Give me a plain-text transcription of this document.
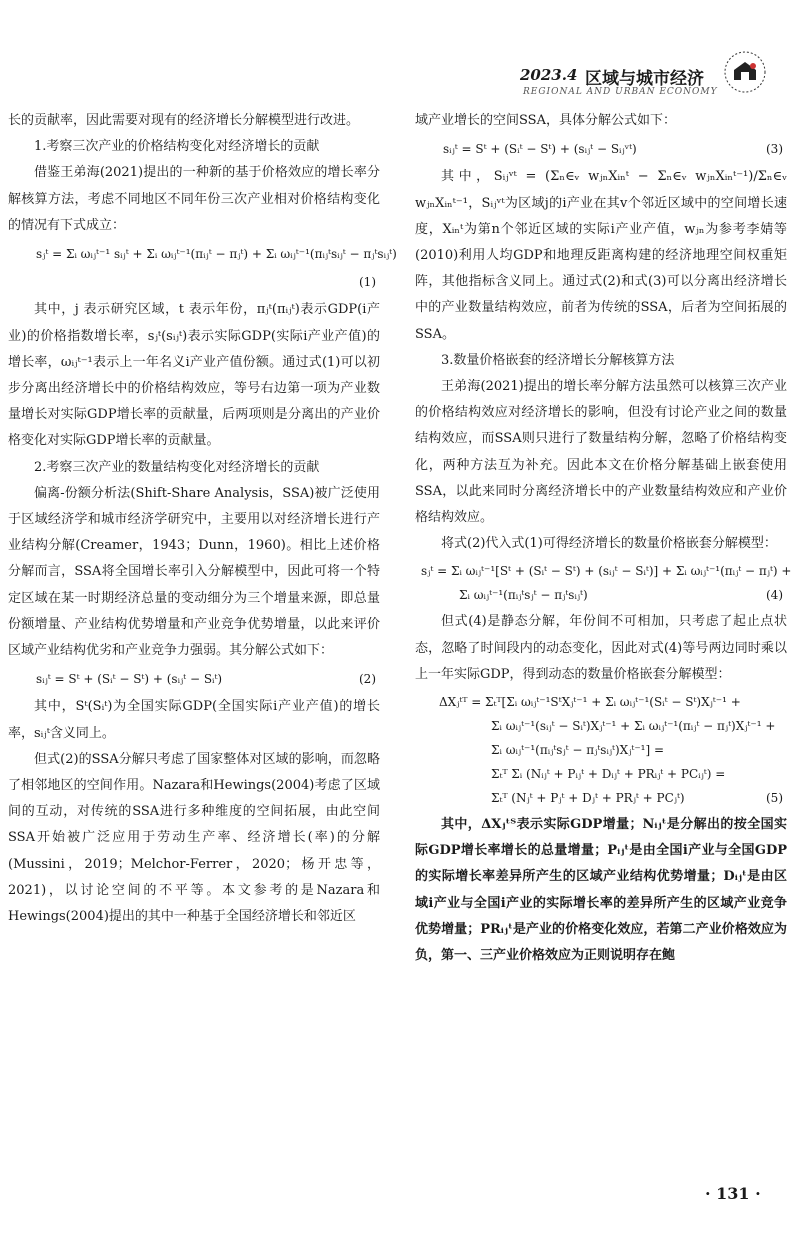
2023.4 区域与城市经济
REGIONAL AND URBAN ECONOMY

长的贡献率，因此需要对现有的经济增长分解模型进行改进。

1.考察三次产业的价格结构变化对经济增长的贡献

借鉴王弟海(2021)提出的一种新的基于价格效应的增长率分解核算方法，考虑不同地区不同年份三次产业相对价格结构变化的情况有下式成立：

sⱼᵗ = Σᵢ ωᵢⱼᵗ⁻¹ sᵢⱼᵗ + Σᵢ ωᵢⱼᵗ⁻¹(πᵢⱼᵗ − πⱼᵗ) + Σᵢ ωᵢⱼᵗ⁻¹(πᵢⱼᵗsᵢⱼᵗ − πⱼᵗsᵢⱼᵗ)
(1)

其中，j 表示研究区域，t 表示年份，πⱼᵗ(πᵢⱼᵗ)表示GDP(i产业)的价格指数增长率，sⱼᵗ(sᵢⱼᵗ)表示实际GDP(实际i产业产值)的增长率，ωᵢⱼᵗ⁻¹表示上一年名义i产业产值份额。通过式(1)可以初步分离出经济增长中的价格结构效应，等号右边第一项为产业数量增长对实际GDP增长率的贡献量，后两项则是分离出的产业价格变化对实际GDP增长率的贡献量。

2.考察三次产业的数量结构变化对经济增长的贡献

偏离-份额分析法(Shift-Share Analysis，SSA)被广泛使用于区域经济学和城市经济学研究中，主要用以对经济增长进行产业结构分解(Creamer，1943；Dunn，1960)。相比上述价格分解而言，SSA将全国增长率引入分解模型中，因此可将一个特定区域在某一时期经济总量的变动细分为三个增量来源，即总量份额增量、产业结构优势增量和产业竞争优势增量，以此来评价区域产业结构优劣和产业竞争力强弱。其分解公式如下：

sᵢⱼᵗ = Sᵗ + (Sᵢᵗ − Sᵗ) + (sᵢⱼᵗ − Sᵢᵗ)	(2)

其中，Sᵗ(Sᵢᵗ)为全国实际GDP(全国实际i产业产值)的增长率，sᵢⱼᵗ含义同上。

但式(2)的SSA分解只考虑了国家整体对区域的影响，而忽略了相邻地区的空间作用。Nazara和Hewings(2004)考虑了区域间的互动，对传统的SSA进行多种维度的空间拓展，由此空间SSA开始被广泛应用于劳动生产率、经济增长(率)的分解(Mussini，2019；Melchor-Ferrer，2020；杨开忠等，2021)，以讨论空间的不平等。本文参考的是Nazara和Hewings(2004)提出的其中一种基于全国经济增长和邻近区

域产业增长的空间SSA，具体分解公式如下：

sᵢⱼᵗ = Sᵗ + (Sᵢᵗ − Sᵗ) + (sᵢⱼᵗ − Sᵢⱼᵛᵗ)	(3)

其中，Sᵢⱼᵛᵗ = (Σₙ∈ᵥ wⱼₙXᵢₙᵗ − Σₙ∈ᵥ wⱼₙXᵢₙᵗ⁻¹)/Σₙ∈ᵥ wⱼₙXᵢₙᵗ⁻¹，Sᵢⱼᵛᵗ为区域j的i产业在其v个邻近区域中的空间增长速度，Xᵢₙᵗ为第n个邻近区域的实际i产业产值，wⱼₙ为参考李婧等(2010)利用人均GDP和地理反距离构建的经济地理空间权重矩阵，其他指标含义同上。通过式(2)和式(3)可以分离出经济增长中的产业数量结构效应，前者为传统的SSA，后者为空间拓展的SSA。

3.数量价格嵌套的经济增长分解核算方法

王弟海(2021)提出的增长率分解方法虽然可以核算三次产业的价格结构效应对经济增长的影响，但没有讨论产业之间的数量结构效应，而SSA则只进行了数量结构分解，忽略了价格结构变化，两种方法互为补充。因此本文在价格分解基础上嵌套使用SSA，以此来同时分离经济增长中的产业数量结构效应和产业价格结构效应。

将式(2)代入式(1)可得经济增长的数量价格嵌套分解模型：

sⱼᵗ = Σᵢ ωᵢⱼᵗ⁻¹[Sᵗ + (Sᵢᵗ − Sᵗ) + (sᵢⱼᵗ − Sᵢᵗ)] + Σᵢ ωᵢⱼᵗ⁻¹(πᵢⱼᵗ − πⱼᵗ) +
Σᵢ ωᵢⱼᵗ⁻¹(πᵢⱼᵗsⱼᵗ − πⱼᵗsᵢⱼᵗ)	(4)

但式(4)是静态分解，年份间不可相加，只考虑了起止点状态，忽略了时间段内的动态变化，因此对式(4)等号两边同时乘以上一年实际GDP，得到动态的数量价格嵌套分解模型：

ΔXⱼᵗᵀ = Σₜᵀ[Σᵢ ωᵢⱼᵗ⁻¹SᵗXⱼᵗ⁻¹ + Σᵢ ωᵢⱼᵗ⁻¹(Sᵢᵗ − Sᵗ)Xⱼᵗ⁻¹ +
Σᵢ ωᵢⱼᵗ⁻¹(sᵢⱼᵗ − Sᵢᵗ)Xⱼᵗ⁻¹ + Σᵢ ωᵢⱼᵗ⁻¹(πᵢⱼᵗ − πⱼᵗ)Xⱼᵗ⁻¹ +
Σᵢ ωᵢⱼᵗ⁻¹(πᵢⱼᵗsⱼᵗ − πⱼᵗsᵢⱼᵗ)Xⱼᵗ⁻¹] =
Σₜᵀ Σᵢ (Nᵢⱼᵗ + Pᵢⱼᵗ + Dᵢⱼᵗ + PRᵢⱼᵗ + PCᵢⱼᵗ) =
Σₜᵀ (Nⱼᵗ + Pⱼᵗ + Dⱼᵗ + PRⱼᵗ + PCⱼᵗ)	(5)

其中，ΔXⱼᵗᵀ表示实际GDP增量；Nᵢⱼᵗ是分解出的按全国实际GDP增长率增长的总量增量；Pᵢⱼᵗ是由全国i产业与全国GDP的实际增长率差异所产生的区域产业结构优势增量；Dᵢⱼᵗ是由区域i产业与全国i产业的实际增长率的差异所产生的区域产业竞争优势增量；PRᵢⱼᵗ是产业的价格变化效应，若第二产业价格效应为负，第一、三产业价格效应为正则说明存在鲍

· 131 ·
